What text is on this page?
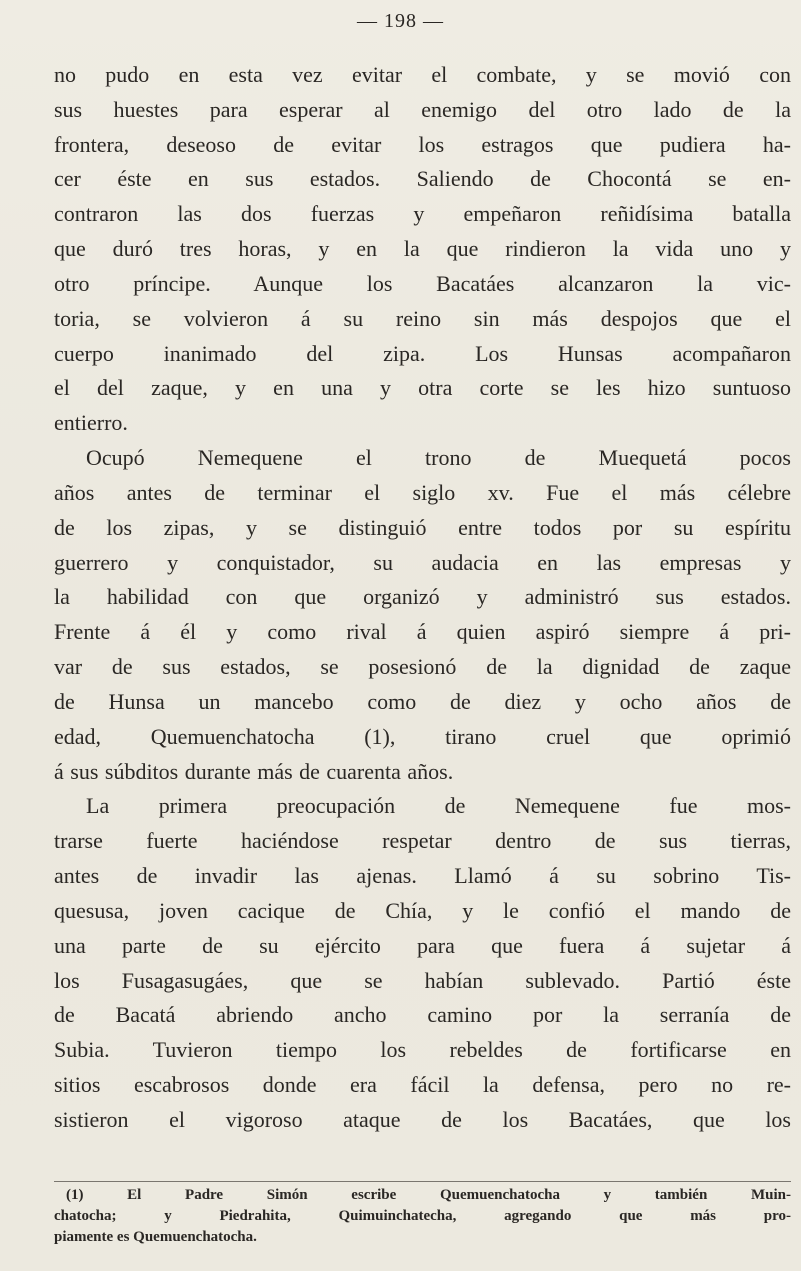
— 198 —
no pudo en esta vez evitar el combate, y se movió con
sus huestes para esperar al enemigo del otro lado de la
frontera, deseoso de evitar los estragos que pudiera ha-
cer éste en sus estados. Saliendo de Chocontá se en-
contraron las dos fuerzas y empeñaron reñidísima batalla
que duró tres horas, y en la que rindieron la vida uno y
otro príncipe. Aunque los Bacatáes alcanzaron la vic-
toria, se volvieron á su reino sin más despojos que el
cuerpo inanimado del zipa. Los Hunsas acompañaron
el del zaque, y en una y otra corte se les hizo suntuoso
entierro.
Ocupó Nemequene el trono de Muequetá pocos
años antes de terminar el siglo xv. Fue el más célebre
de los zipas, y se distinguió entre todos por su espíritu
guerrero y conquistador, su audacia en las empresas y
la habilidad con que organizó y administró sus estados.
Frente á él y como rival á quien aspiró siempre á pri-
var de sus estados, se posesionó de la dignidad de zaque
de Hunsa un mancebo como de diez y ocho años de
edad, Quemuenchatocha (1), tirano cruel que oprimió
á sus súbditos durante más de cuarenta años.
La primera preocupación de Nemequene fue mos-
trarse fuerte haciéndose respetar dentro de sus tierras,
antes de invadir las ajenas. Llamó á su sobrino Tis-
quesusa, joven cacique de Chía, y le confió el mando de
una parte de su ejército para que fuera á sujetar á
los Fusagasugáes, que se habían sublevado. Partió éste
de Bacatá abriendo ancho camino por la serranía de
Subia. Tuvieron tiempo los rebeldes de fortificarse en
sitios escabrosos donde era fácil la defensa, pero no re-
sistieron el vigoroso ataque de los Bacatáes, que los
(1) El Padre Simón escribe Quemuenchatocha y también Muin-
chatocha; y Piedrahita, Quimuinchatecha, agregando que más pro-
piamente es Quemuenchatocha.
